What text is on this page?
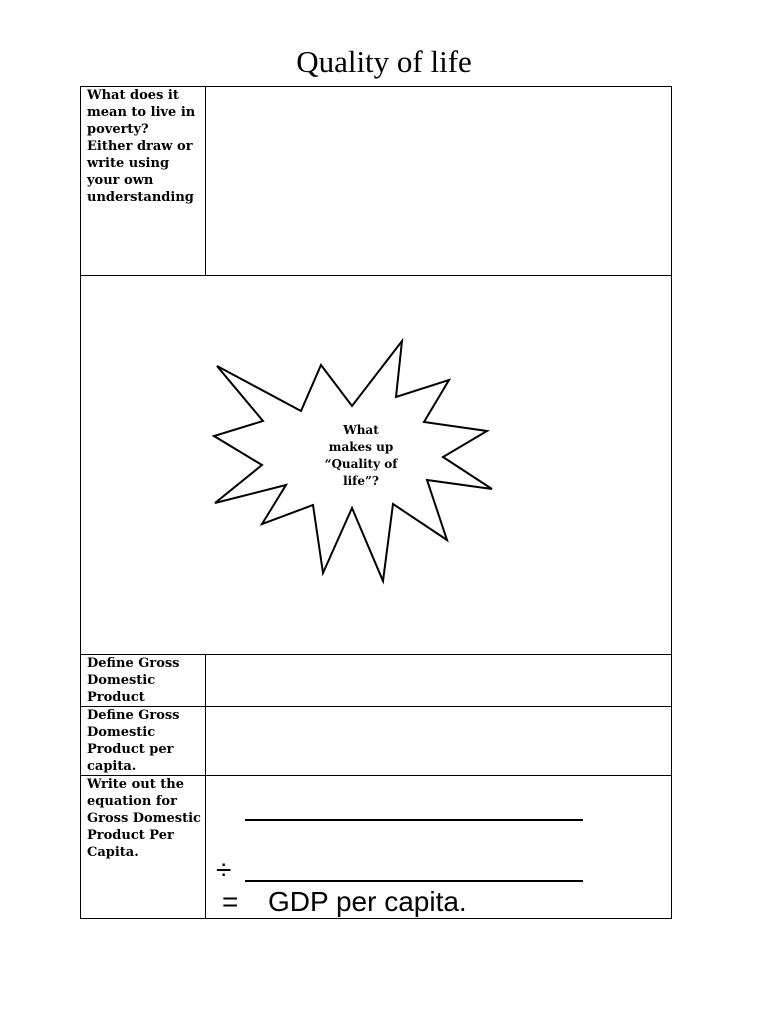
Quality of life
What does it
mean to live in
poverty?
Either draw or
write using
your own
understanding
What
makes up
“Quality of
life”?
Define Gross
Domestic
Product
Define Gross
Domestic
Product per
capita.
Write out the
equation for
Gross Domestic
Product Per
Capita.
÷
= GDP per capita.
